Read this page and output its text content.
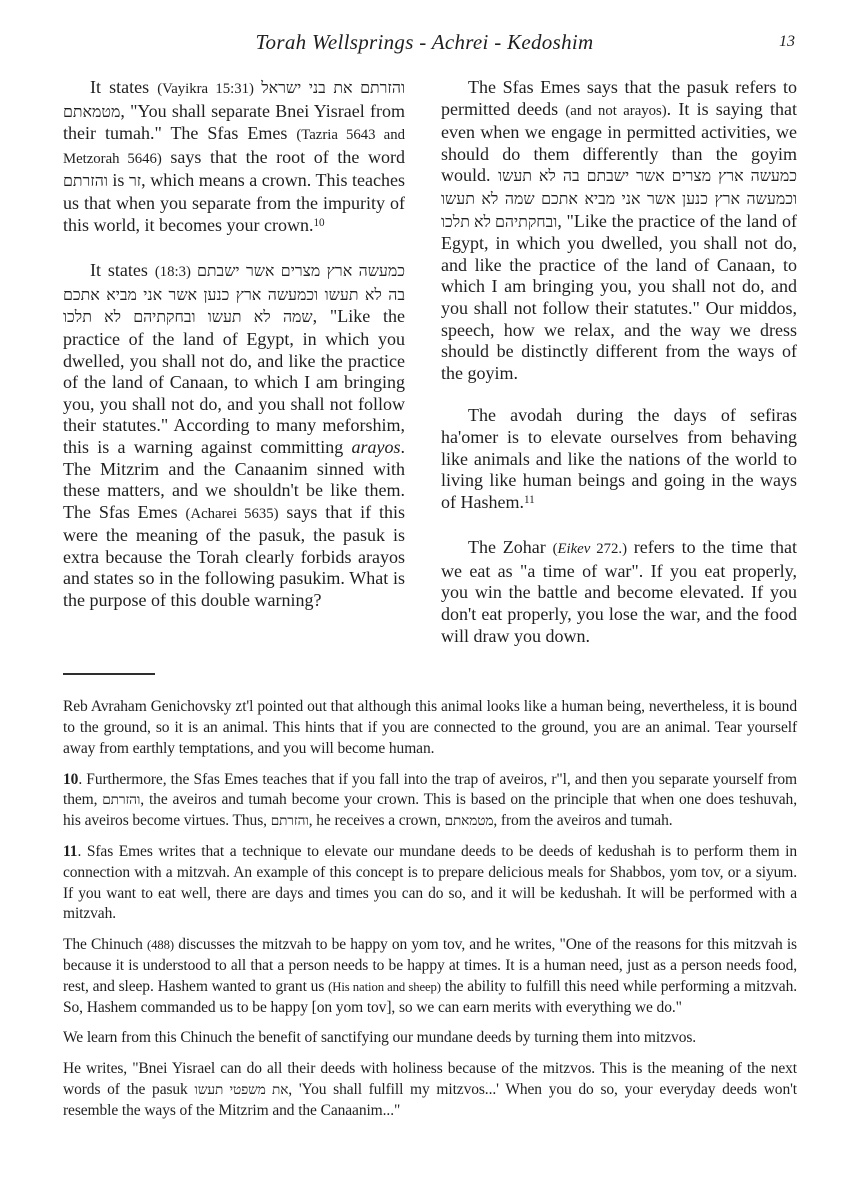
Torah Wellsprings - Achrei - Kedoshim	13

It states (Vayikra 15:31) והזרתם את בני ישראל מטמאתם, "You shall separate Bnei Yisrael from their tumah." The Sfas Emes (Tazria 5643 and Metzorah 5646) says that the root of the word והזרתם is זר, which means a crown. This teaches us that when you separate from the impurity of this world, it becomes your crown.$^{10}$

It states (18:3) כמעשה ארץ מצרים אשר ישבתם בה לא תעשו וכמעשה ארץ כנען אשר אני מביא אתכם שמה לא תעשו ובחקתיהם לא תלכו, "Like the practice of the land of Egypt, in which you dwelled, you shall not do, and like the practice of the land of Canaan, to which I am bringing you, you shall not do, and you shall not follow their statutes." According to many meforshim, this is a warning against committing arayos. The Mitzrim and the Canaanim sinned with these matters, and we shouldn't be like them. The Sfas Emes (Acharei 5635) says that if this were the meaning of the pasuk, the pasuk is extra because the Torah clearly forbids arayos and states so in the following pasukim. What is the purpose of this double warning?

The Sfas Emes says that the pasuk refers to permitted deeds (and not arayos). It is saying that even when we engage in permitted activities, we should do them differently than the goyim would. כמעשה ארץ מצרים אשר ישבתם בה לא תעשו וכמעשה ארץ כנען אשר אני מביא אתכם שמה לא תעשו ובחקתיהם לא תלכו, "Like the practice of the land of Egypt, in which you dwelled, you shall not do, and like the practice of the land of Canaan, to which I am bringing you, you shall not do, and you shall not follow their statutes." Our middos, speech, how we relax, and the way we dress should be distinctly different from the ways of the goyim.

The avodah during the days of sefiras ha'omer is to elevate ourselves from behaving like animals and like the nations of the world to living like human beings and going in the ways of Hashem.$^{11}$

The Zohar (Eikev 272.) refers to the time that we eat as "a time of war". If you eat properly, you win the battle and become elevated. If you don't eat properly, you lose the war, and the food will draw you down.

Reb Avraham Genichovsky zt'l pointed out that although this animal looks like a human being, nevertheless, it is bound to the ground, so it is an animal. This hints that if you are connected to the ground, you are an animal. Tear yourself away from earthly temptations, and you will become human.

10. Furthermore, the Sfas Emes teaches that if you fall into the trap of aveiros, r"l, and then you separate yourself from them, והזרתם, the aveiros and tumah become your crown. This is based on the principle that when one does teshuvah, his aveiros become virtues. Thus, והזרתם, he receives a crown, מטמאתם, from the aveiros and tumah.

11. Sfas Emes writes that a technique to elevate our mundane deeds to be deeds of kedushah is to perform them in connection with a mitzvah. An example of this concept is to prepare delicious meals for Shabbos, yom tov, or a siyum. If you want to eat well, there are days and times you can do so, and it will be kedushah. It will be performed with a mitzvah.

The Chinuch (488) discusses the mitzvah to be happy on yom tov, and he writes, "One of the reasons for this mitzvah is because it is understood to all that a person needs to be happy at times. It is a human need, just as a person needs food, rest, and sleep. Hashem wanted to grant us (His nation and sheep) the ability to fulfill this need while performing a mitzvah. So, Hashem commanded us to be happy [on yom tov], so we can earn merits with everything we do."

We learn from this Chinuch the benefit of sanctifying our mundane deeds by turning them into mitzvos.

He writes, "Bnei Yisrael can do all their deeds with holiness because of the mitzvos. This is the meaning of the next words of the pasuk את משפטי תעשו, 'You shall fulfill my mitzvos...' When you do so, your everyday deeds won't resemble the ways of the Mitzrim and the Canaanim..."
